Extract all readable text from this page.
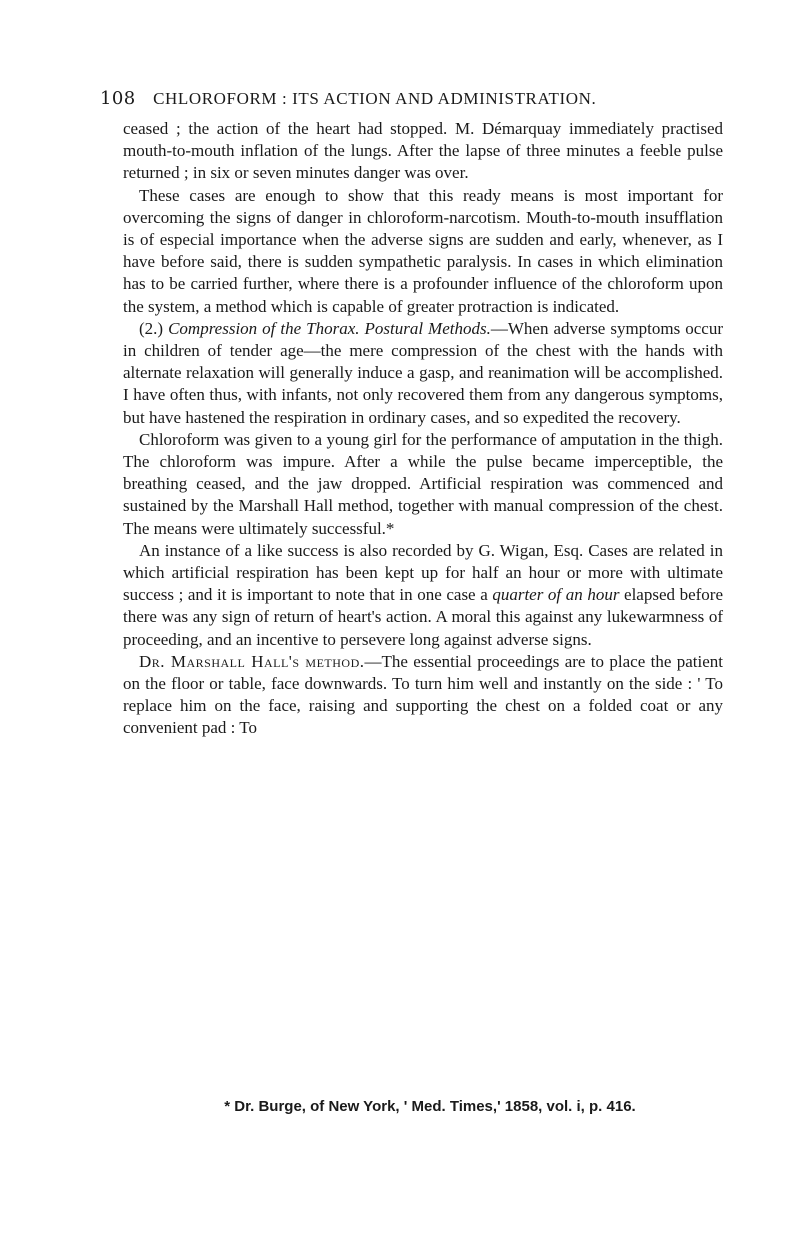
108 CHLOROFORM : ITS ACTION AND ADMINISTRATION.

ceased ; the action of the heart had stopped. M. Démarquay immediately practised mouth-to-mouth inflation of the lungs. After the lapse of three minutes a feeble pulse returned ; in six or seven minutes danger was over.

These cases are enough to show that this ready means is most important for overcoming the signs of danger in chloroform-narcotism. Mouth-to-mouth insufflation is of especial importance when the adverse signs are sudden and early, whenever, as I have before said, there is sudden sympathetic paralysis. In cases in which elimination has to be carried further, where there is a profounder influence of the chloroform upon the system, a method which is capable of greater protraction is indicated.

(2.) Compression of the Thorax. Postural Methods.—When adverse symptoms occur in children of tender age—the mere compression of the chest with the hands with alternate relaxation will generally induce a gasp, and reanimation will be accomplished. I have often thus, with infants, not only recovered them from any dangerous symptoms, but have hastened the respiration in ordinary cases, and so expedited the recovery.

Chloroform was given to a young girl for the performance of amputation in the thigh. The chloroform was impure. After a while the pulse became imperceptible, the breathing ceased, and the jaw dropped. Artificial respiration was commenced and sustained by the Marshall Hall method, together with manual compression of the chest. The means were ultimately successful.*

An instance of a like success is also recorded by G. Wigan, Esq. Cases are related in which artificial respiration has been kept up for half an hour or more with ultimate success ; and it is important to note that in one case a quarter of an hour elapsed before there was any sign of return of heart's action. A moral this against any lukewarmness of proceeding, and an incentive to persevere long against adverse signs.

Dr. Marshall Hall's method.—The essential proceedings are to place the patient on the floor or table, face downwards. To turn him well and instantly on the side : ' To replace him on the face, raising and supporting the chest on a folded coat or any convenient pad : To

* Dr. Burge, of New York, ' Med. Times,' 1858, vol. i, p. 416.
